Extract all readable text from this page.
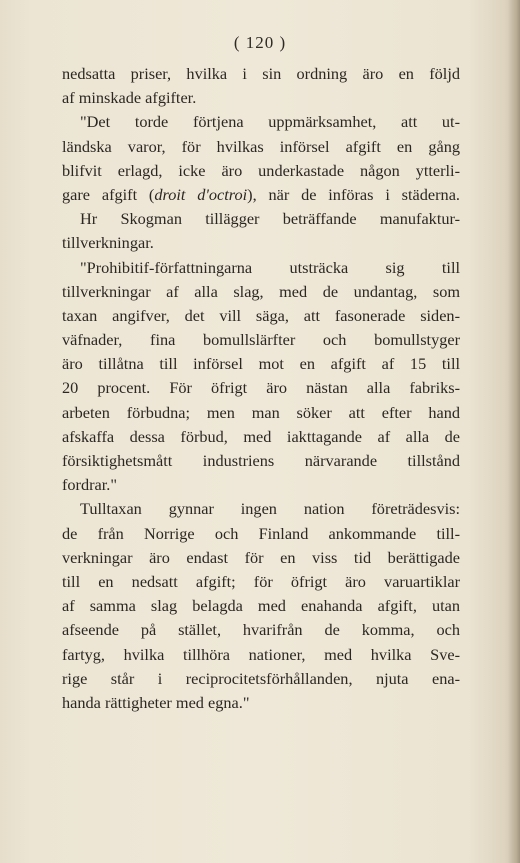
( 120 )
nedsatta priser, hvilka i sin ordning äro en följd
af minskade afgifter.
"Det torde förtjena uppmärksamhet, att ut-
ländska varor, för hvilkas införsel afgift en gång
blifvit erlagd, icke äro underkastade någon ytterli-
gare afgift (droit d'octroi), när de införas i städerna.
Hr Skogman tillägger beträffande manufaktur-
tillverkningar.
"Prohibitif-författningarna utsträcka sig till
tillverkningar af alla slag, med de undantag, som
taxan angifver, det vill säga, att fasonerade siden-
väfnader, fina bomullslärfter och bomullstyger
äro tillåtna till införsel mot en afgift af 15 till
20 procent. För öfrigt äro nästan alla fabriks-
arbeten förbudna; men man söker att efter hand
afskaffa dessa förbud, med iakttagande af alla de
försiktighetsmått industriens närvarande tillstånd
fordrar."
Tulltaxan gynnar ingen nation företrädesvis:
de från Norrige och Finland ankommande till-
verkningar äro endast för en viss tid berättigade
till en nedsatt afgift; för öfrigt äro varuartiklar
af samma slag belagda med enahanda afgift, utan
afseende på stället, hvarifrån de komma, och
fartyg, hvilka tillhöra nationer, med hvilka Sve-
rige står i reciprocitetsförhållanden, njuta ena-
handa rättigheter med egna."
